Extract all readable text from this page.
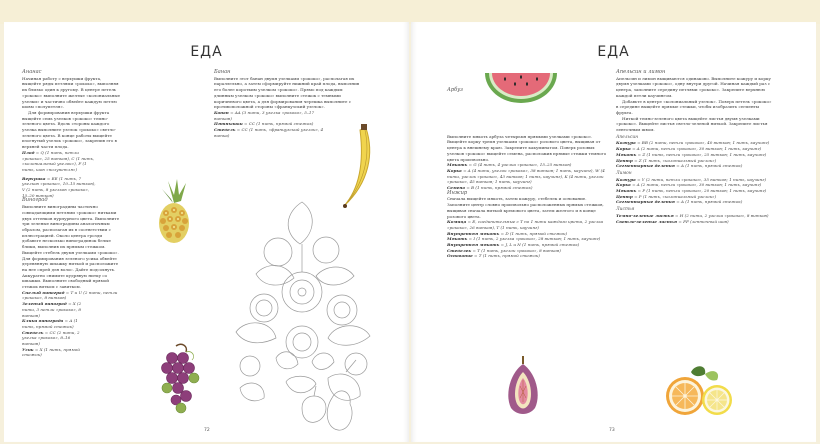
ЕДА

Ананас

Начиная работу с верхушки фрукта, выщейте ряды петлями «рококо», выполняя их близко один к другому. В центре петель «рококо» выполните желтые «колониальные узелки» и частично обвейте каждую петлю шовм «полупетля».

Для формирования верхушки фрукта выщейте семь узелков «рококо» темно-зеленого цвета. Вдоль стороны каждого узелка выполните узелок «рококо» светло-зеленого цвета. В конце работы выщейте изогнутый узелок «рококо», закрепив его в верхней части плода.

Плод = Q (1 нить, петли «рококо», 25 витков), C (1 нить, «колониальный узелок»), F (1 нить, шов «полупетля»)

Верхушка = EE (1 нить, 7 узелков «рококо», 10–15 витков), V (2 нить, 8 узелков «рококо», 15–20 витков)

Виноград

Выполните виноградины частично совпадающими петлями «рококо» нитками двух оттенков пурпурного цвета. Выполните три зеленые виноградины аналогичным образом, располагая их в соответствии с иллюстрацией. Около центра грозди добавьте несколько виноградинок белые блики, выполнив их прямым стежком. Выщейте стебель двумя узелками «рококо». Для формирования зеленого усика обвейте деревянную шпажку ниткой и расположите на нее спрей для волос. Дайте подсохнуть. Аккуратно снимите кудрявую нитку со шпажки. Выполните свободный прямой стежок витком с завитком.

Спелый виноград = T и U (2 нити, петли «рококо», 8 витков)

Зеленый виноград = X (2 нити, 3 петли «рококо», 8 витков)

Блики винограда = A (1 нить, прямой стежок)

Стебель = CC (2 нити, 2 узелка «рококо», 8–16 витков)

Усик = X (1 нить, прямой стежок)

Банан

Выполните этот банан двумя узелками «рококо», располагая их параллельно, а затем сформируйте нижний край плода, выполнив его более коротким узелком «рококо». Прямо под каждым длинным узелком «рококо» выполните стежок с темными коричневого цвета, а для формирования черешка выполните с противоположной стороны «французский узелок».

Банан = AA (3 нити, 3 узелка «рококо», 5–17 витков)

Пятнышки = CC (1 нить, прямой стежок)

Стебель = CC (1 нить, «французский узелок», 4 витка)

72
ЕДА

Арбуз

Выполните мякоть арбуза четырьмя прямыми узелками «рококо». Выщейте корку тремя узелками «рококо» розового цвета, выщивая от центра к внешнему краю. Закрепите какуминатом. Поверх розовых узелков «рококо» выщейте семена, расположив прямые стежки темного цвета произвольно.

Мякоть = G (4 нить, 4 узелка «рококо», 15–25 витков)

Корка = A (4 нити, узелок «рококо», 38 витков; 1 нить, каучинг), W (4 нити, узелок «рококо», 43 витков; 1 нить, каучинг), K (4 нити, узелок «рококо», 45 витков; 1 нить, каучинг)

Семена = B (1 нить, прямой стежок)

Инжир

Сначала выщейте мякоть, затем кожуру, стебелек и основание. Заполните центр словно произвольно расположенных прямых стежков, выщивая сначала ниткой кремового цвета, затем желтого и в конце розового цвета.

Комица = E, соединительные с T по 1 нити каждого цвета, 2 узелка «рококо», 26 витков), T (1 нить, каучинг)

Внутренняя мякоть = D (1 нить, прямой стежок)

Мякоть = I (1 нить, 2 узелка «рококо», 28 витков; 1 нить, каучинг)

Внутренняя мякоть = J, L и N (1 нить, прямой стежок)

Стебелек = T (1 нить, узелок «рококо», 8 витков)

Основание = T (1 нить, прямой стежок)

Апельсин и лимон

Апельсин и лимон выщиваются одинаково. Выполните кожуру и корку двумя узелками «рококо», одну внутри другой. Начиная каждый раз с центра, заполните середину петлями «рококо». Закрепите верхнюю каждой петли каучингом.

Добавьте в центре «колониальный узелок». Поверх петель «рококо» в середине выщейте прямые стежки, чтобы изобразить сегменты фрукта.

Ниткой темно-зеленого цвета выщейте листья двумя узелками «рококо». Выщейте листья светло-зеленой ниткой. Закрепите листья ленточным швом.

Апельсин

Кожура = BB (2 нити, петли «рококо», 40 витков; 1 нить, каучинг)

Корка = A (2 нити, петли «рококо», 30 витков; 1 нить, каучинг)

Мякоть = Z (1 нить, петли «рококо», 25 витков; 1 нить, каучинг)

Центр = Z (1 нить, «колониальный узелок»)

Сегментарные деления = A (1 нить, прямой стежок)

Лимон

Кожура = Y (2 нити, петли «рококо», 35 витков; 1 нить, каучинг)

Корка = A (2 нити, петли «рококо», 30 витков; 1 нить, каучинг)

Мякоть = P (1 нить, петли «рококо», 20 витков; 1 нить, каучинг)

Центр = P (1 нить, «колониальный узелок»)

Сегментарные деления = A (1 нить, прямой стежок)

Листья

Темно-зеленые листья = H (2 нити, 2 узелка «рококо», 8 витков)

Светло-зеленые листья = FF (ленточный шов)

73
